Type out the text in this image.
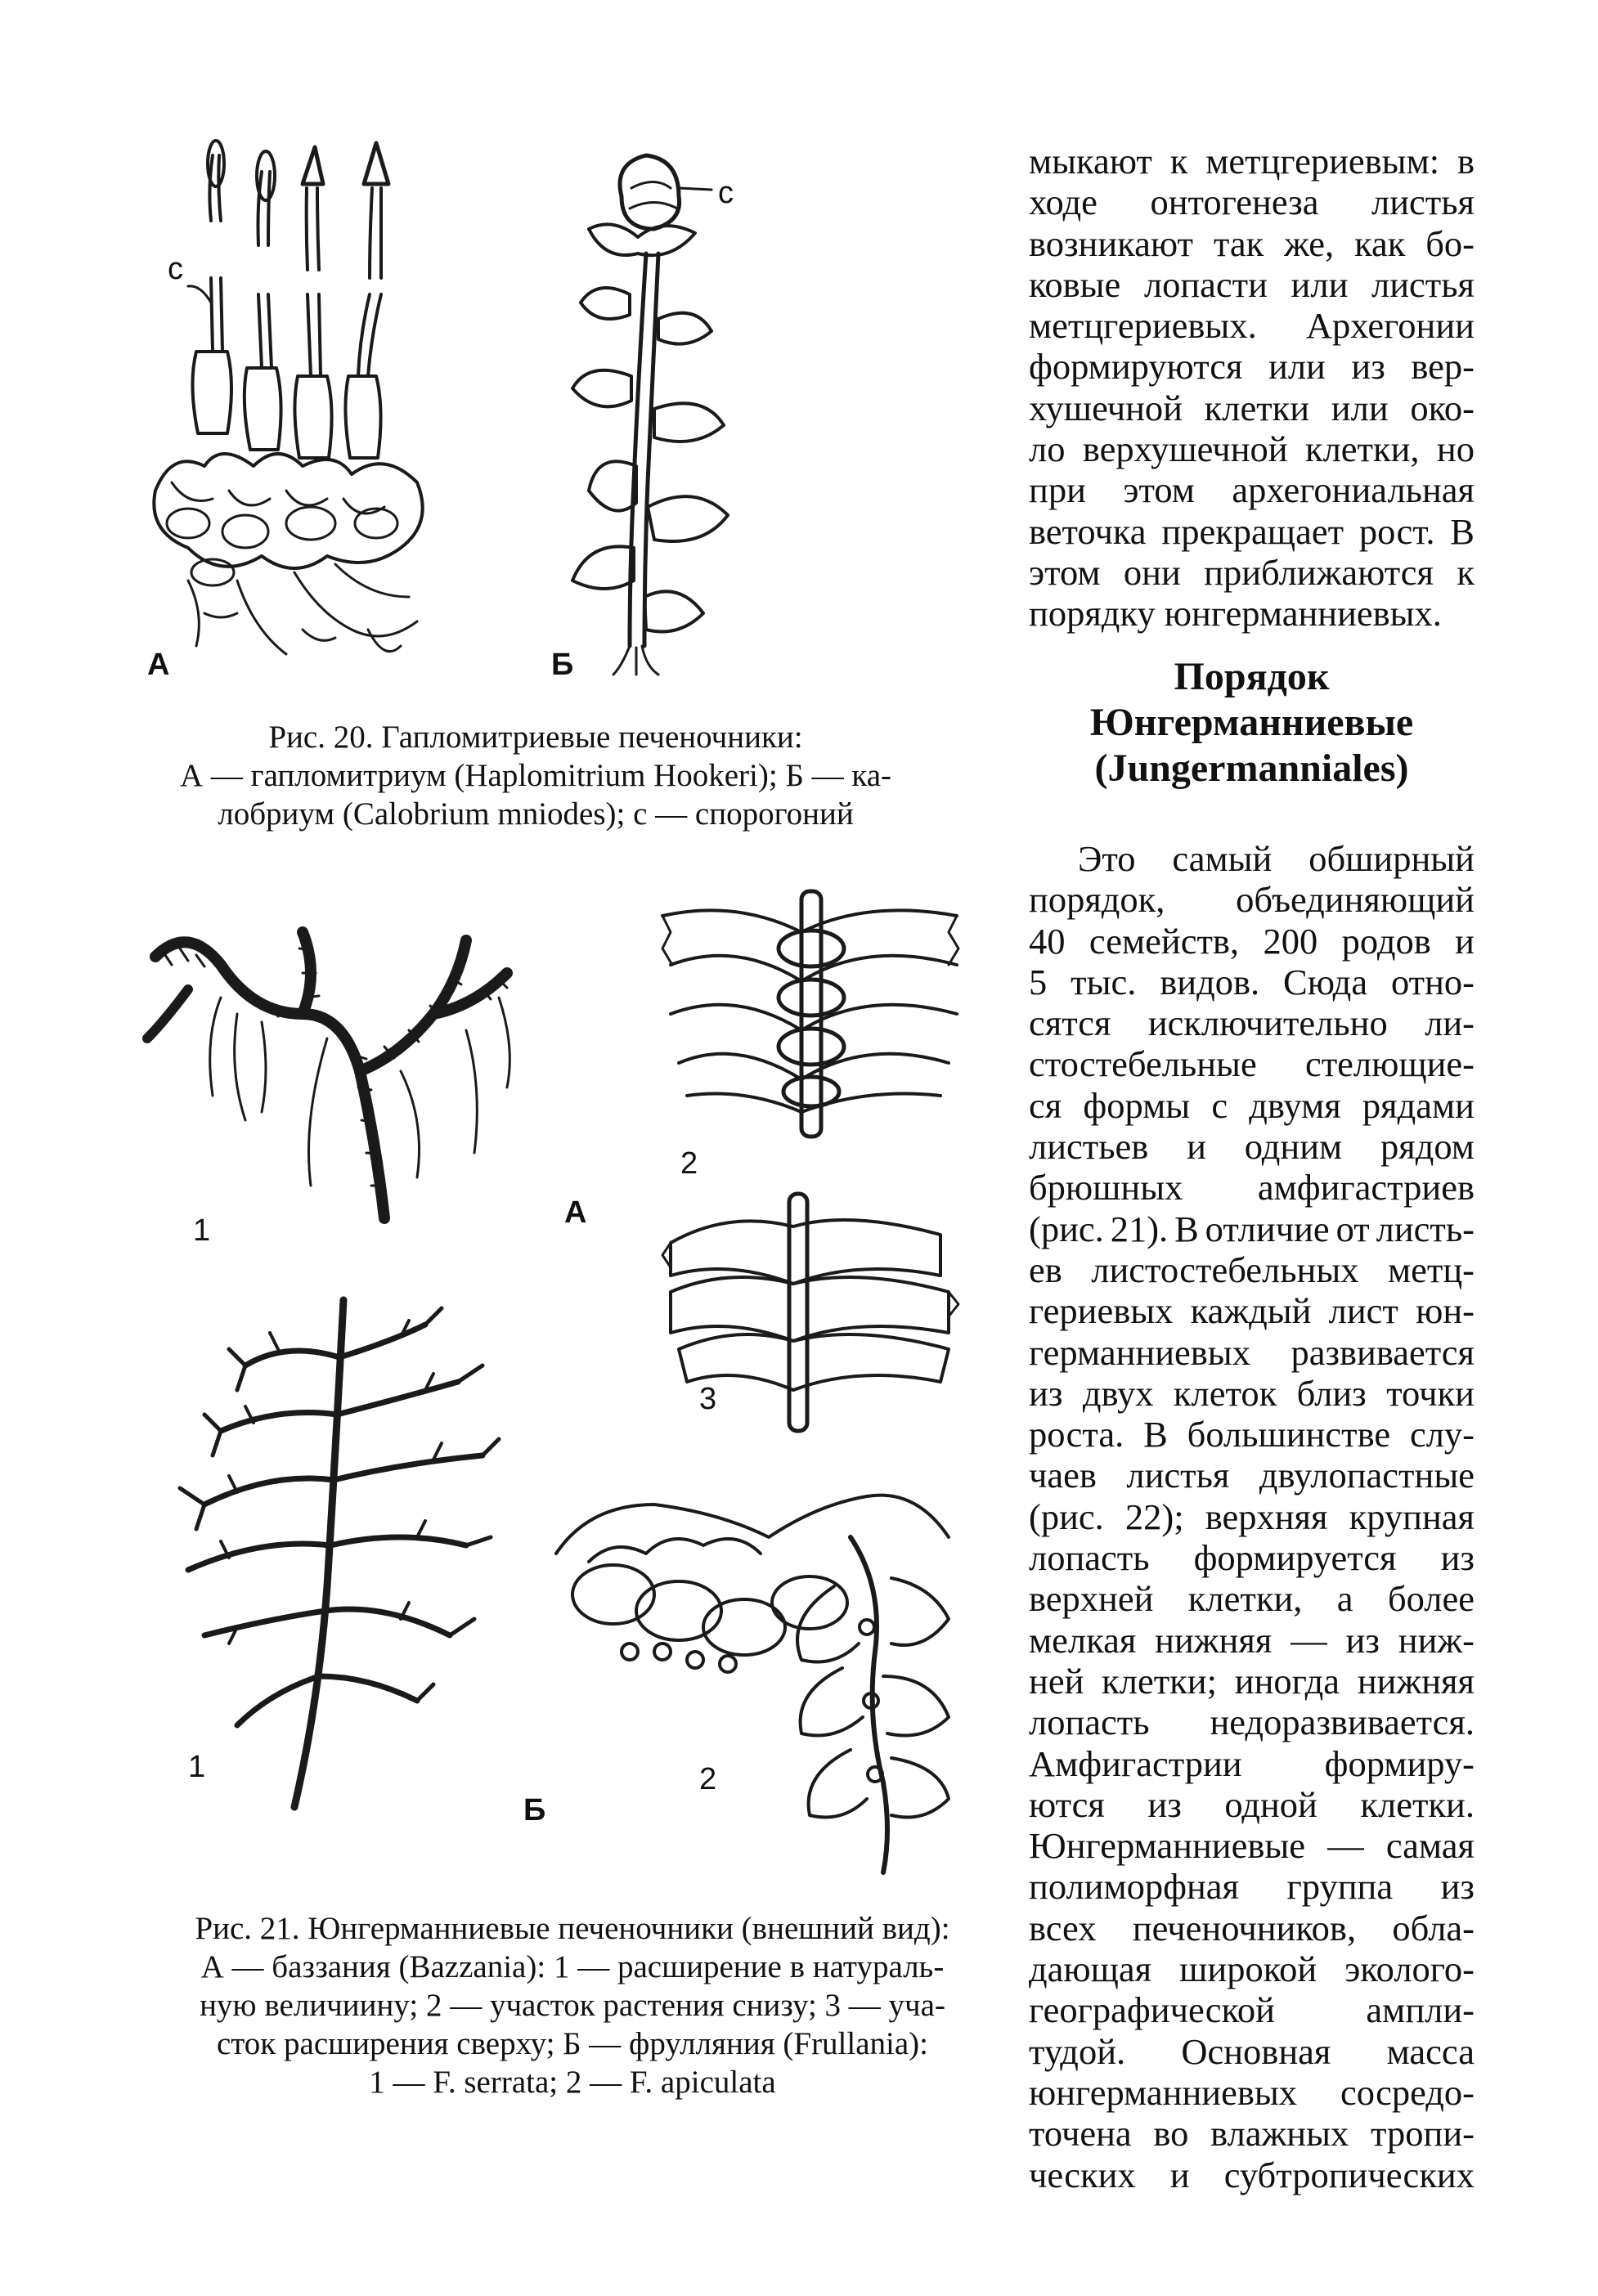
с
А
с
Б
Рис. 20. Гапломитриевые печеночники:
А — гапломитриум (Haplomitrium Hookeri); Б — ка-
лобриум (Calobrium mniodes); с — спорогоний
1
2
А
3
1
Б
2
Рис. 21. Юнгерманниевые печеночники (внешний вид):
А — баззания (Bazzania): 1 — расширение в натураль-
ную величиину; 2 — участок растения снизу; 3 — уча-
сток расширения сверху; Б — фрулляния (Frullania):
1 — F. serrata; 2 — F. apiculata
мыкают к метцгериевым: в
ходе онтогенеза листья
возникают так же, как бо-
ковые лопасти или листья
метцгериевых. Архегонии
формируются или из вер-
хушечной клетки или око-
ло верхушечной клетки, но
при этом архегониальная
веточка прекращает рост. В
этом они приближаются к
порядку юнгерманниевых.
Порядок
Юнгерманниевые
(Jungermanniales)
Это самый обширный
порядок, объединяющий
40 семейств, 200 родов и
5 тыс. видов. Сюда отно-
сятся исключительно ли-
стостебельные стелющие-
ся формы с двумя рядами
листьев и одним рядом
брюшных амфигастриев
(рис. 21). В отличие от листь-
ев листостебельных метц-
гериевых каждый лист юн-
германниевых развивается
из двух клеток близ точки
роста. В большинстве слу-
чаев листья двулопастные
(рис. 22); верхняя крупная
лопасть формируется из
верхней клетки, а более
мелкая нижняя — из ниж-
ней клетки; иногда нижняя
лопасть недоразвивается.
Амфигастрии формиру-
ются из одной клетки.
Юнгерманниевые — самая
полиморфная группа из
всех печеночников, обла-
дающая широкой эколого-
географической	ампли-
тудой. Основная масса
юнгерманниевых сосредо-
точена во влажных тропи-
ческих и субтропических
